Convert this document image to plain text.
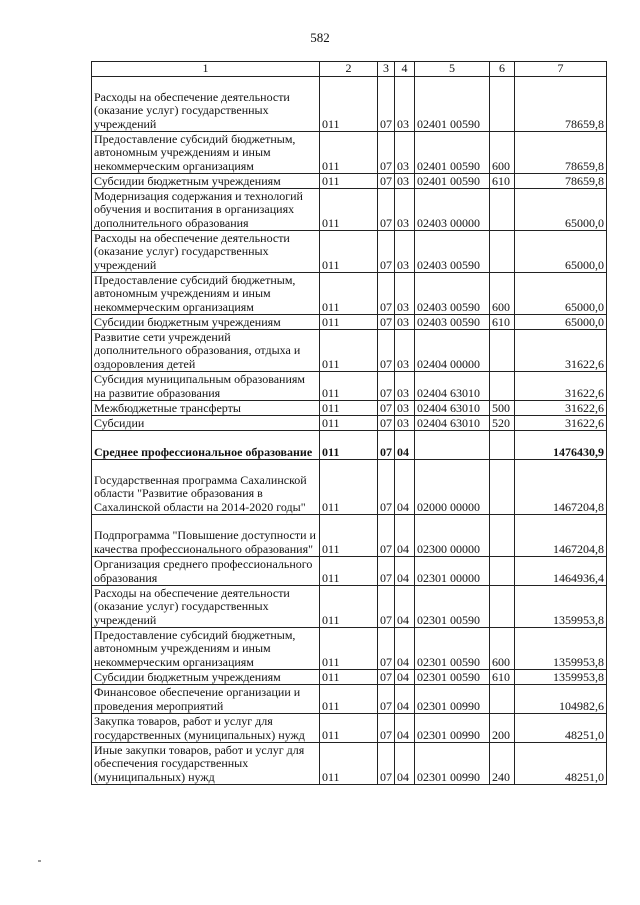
582
1	2	3	4	5	6	7
Расходы на обеспечение деятельности (оказание услуг) государственных учреждений	011	07	03	02401 00590		78659,8
Предоставление субсидий бюджетным, автономным учреждениям и иным некоммерческим организациям	011	07	03	02401 00590	600	78659,8
Субсидии бюджетным учреждениям	011	07	03	02401 00590	610	78659,8
Модернизация содержания и технологий обучения и воспитания в организациях дополнительного образования	011	07	03	02403 00000		65000,0
Расходы на обеспечение деятельности (оказание услуг) государственных учреждений	011	07	03	02403 00590		65000,0
Предоставление субсидий бюджетным, автономным учреждениям и иным некоммерческим организациям	011	07	03	02403 00590	600	65000,0
Субсидии бюджетным учреждениям	011	07	03	02403 00590	610	65000,0
Развитие сети учреждений дополнительного образования, отдыха и оздоровления детей	011	07	03	02404 00000		31622,6
Субсидия муниципальным образованиям на развитие образования	011	07	03	02404 63010		31622,6
Межбюджетные трансферты	011	07	03	02404 63010	500	31622,6
Субсидии	011	07	03	02404 63010	520	31622,6
Среднее профессиональное образование	011	07	04			1476430,9
Государственная программа Сахалинской области "Развитие образования в Сахалинской области на 2014-2020 годы"	011	07	04	02000 00000		1467204,8
Подпрограмма "Повышение доступности и качества профессионального образования"	011	07	04	02300 00000		1467204,8
Организация среднего профессионального образования	011	07	04	02301 00000		1464936,4
Расходы на обеспечение деятельности (оказание услуг) государственных учреждений	011	07	04	02301 00590		1359953,8
Предоставление субсидий бюджетным, автономным учреждениям и иным некоммерческим организациям	011	07	04	02301 00590	600	1359953,8
Субсидии бюджетным учреждениям	011	07	04	02301 00590	610	1359953,8
Финансовое обеспечение организации и проведения мероприятий	011	07	04	02301 00990		104982,6
Закупка товаров, работ и услуг для государственных (муниципальных) нужд	011	07	04	02301 00990	200	48251,0
Иные закупки товаров, работ и услуг для обеспечения государственных (муниципальных) нужд	011	07	04	02301 00990	240	48251,0
